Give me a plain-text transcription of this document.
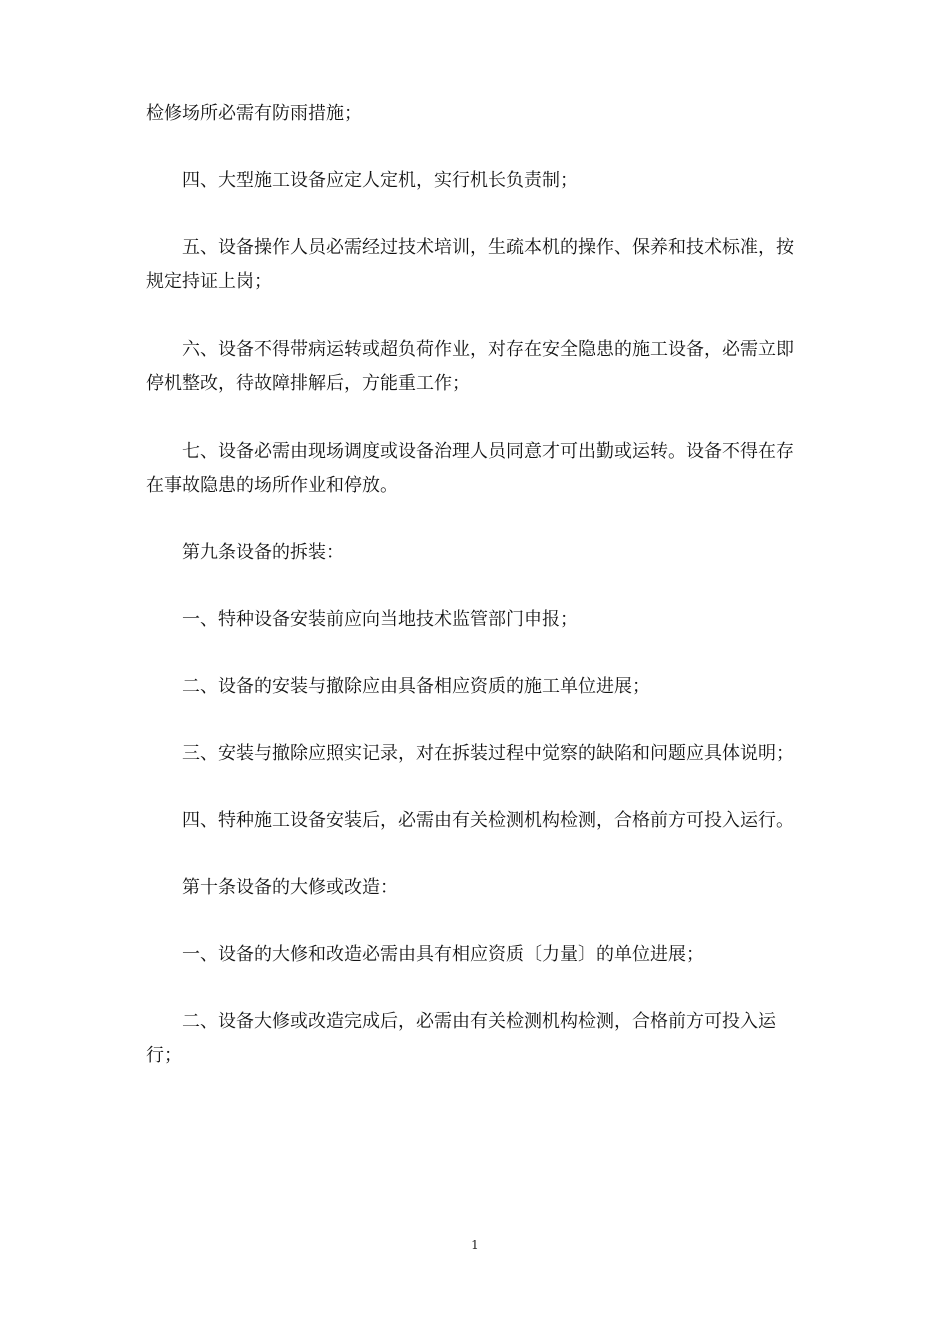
检修场所必需有防雨措施；

四、大型施工设备应定人定机，实行机长负责制；

五、设备操作人员必需经过技术培训，生疏本机的操作、保养和技术标准，按规定持证上岗；

六、设备不得带病运转或超负荷作业，对存在安全隐患的施工设备，必需立即停机整改，待故障排解后，方能重工作；

七、设备必需由现场调度或设备治理人员同意才可出勤或运转。设备不得在存在事故隐患的场所作业和停放。

第九条设备的拆装：

一、特种设备安装前应向当地技术监管部门申报；

二、设备的安装与撤除应由具备相应资质的施工单位进展；

三、安装与撤除应照实记录，对在拆装过程中觉察的缺陷和问题应具体说明；

四、特种施工设备安装后，必需由有关检测机构检测，合格前方可投入运行。

第十条设备的大修或改造：

一、设备的大修和改造必需由具有相应资质〔力量〕的单位进展；

二、设备大修或改造完成后，必需由有关检测机构检测，合格前方可投入运行；

1
